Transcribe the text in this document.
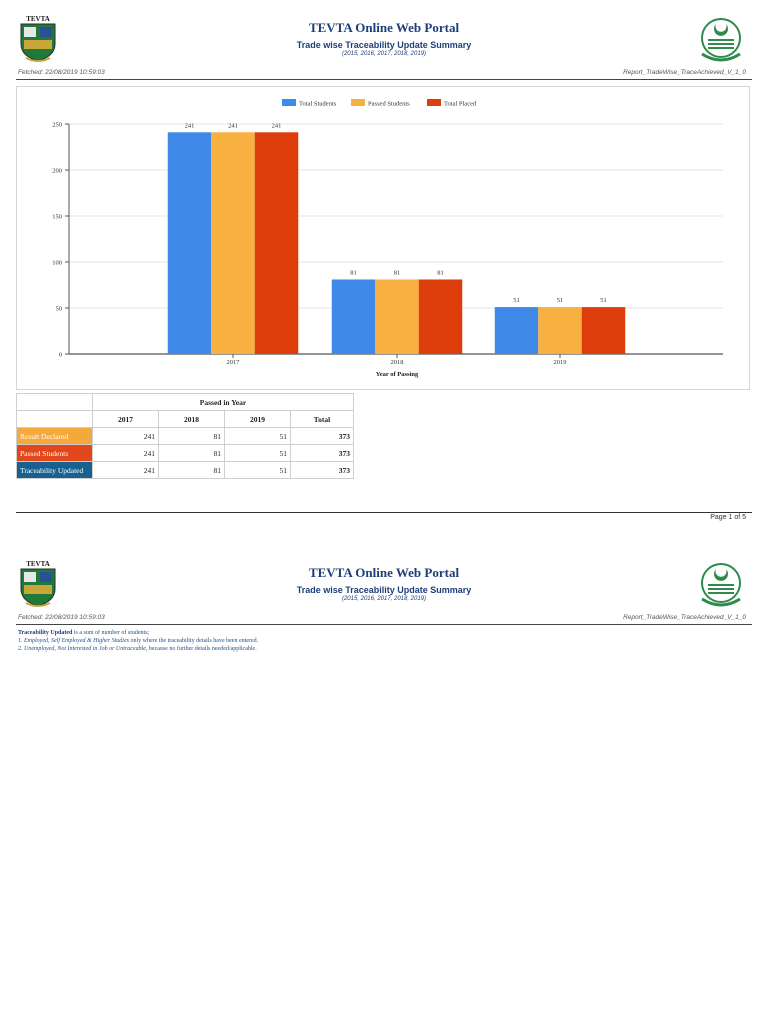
TEVTA
TEVTA Online Web Portal
Trade wise Traceability Update Summary
(2015, 2016, 2017, 2018, 2019)
Fetched: 22/08/2019 10:59:03	Report_TradeWise_TraceAchieved_V_1_0
0
50
100
150
200
250	241	241	241
2017
81	81	81
2018
51	51	51
2019
Year of Passing
Total Students	Passed Students	Total Placed
	Passed in Year			
	2017	2018	2019	Total
Result Declared	241	81	51	373
Passed Students	241	81	51	373
Traceability Updated	241	81	51	373
Page 1 of 5
TEVTA
TEVTA Online Web Portal
Trade wise Traceability Update Summary
(2015, 2016, 2017, 2018, 2019)
Fetched: 22/08/2019 10:59:03	Report_TradeWise_TraceAchieved_V_1_0
Traceability Updated is a sum of number of students;
1. Employed, Self Employed & Higher Studies only where the traceability details have been entered.
2. Unemployed, Not Interested in Job or Untraceable, because no further details needed/applicable.
